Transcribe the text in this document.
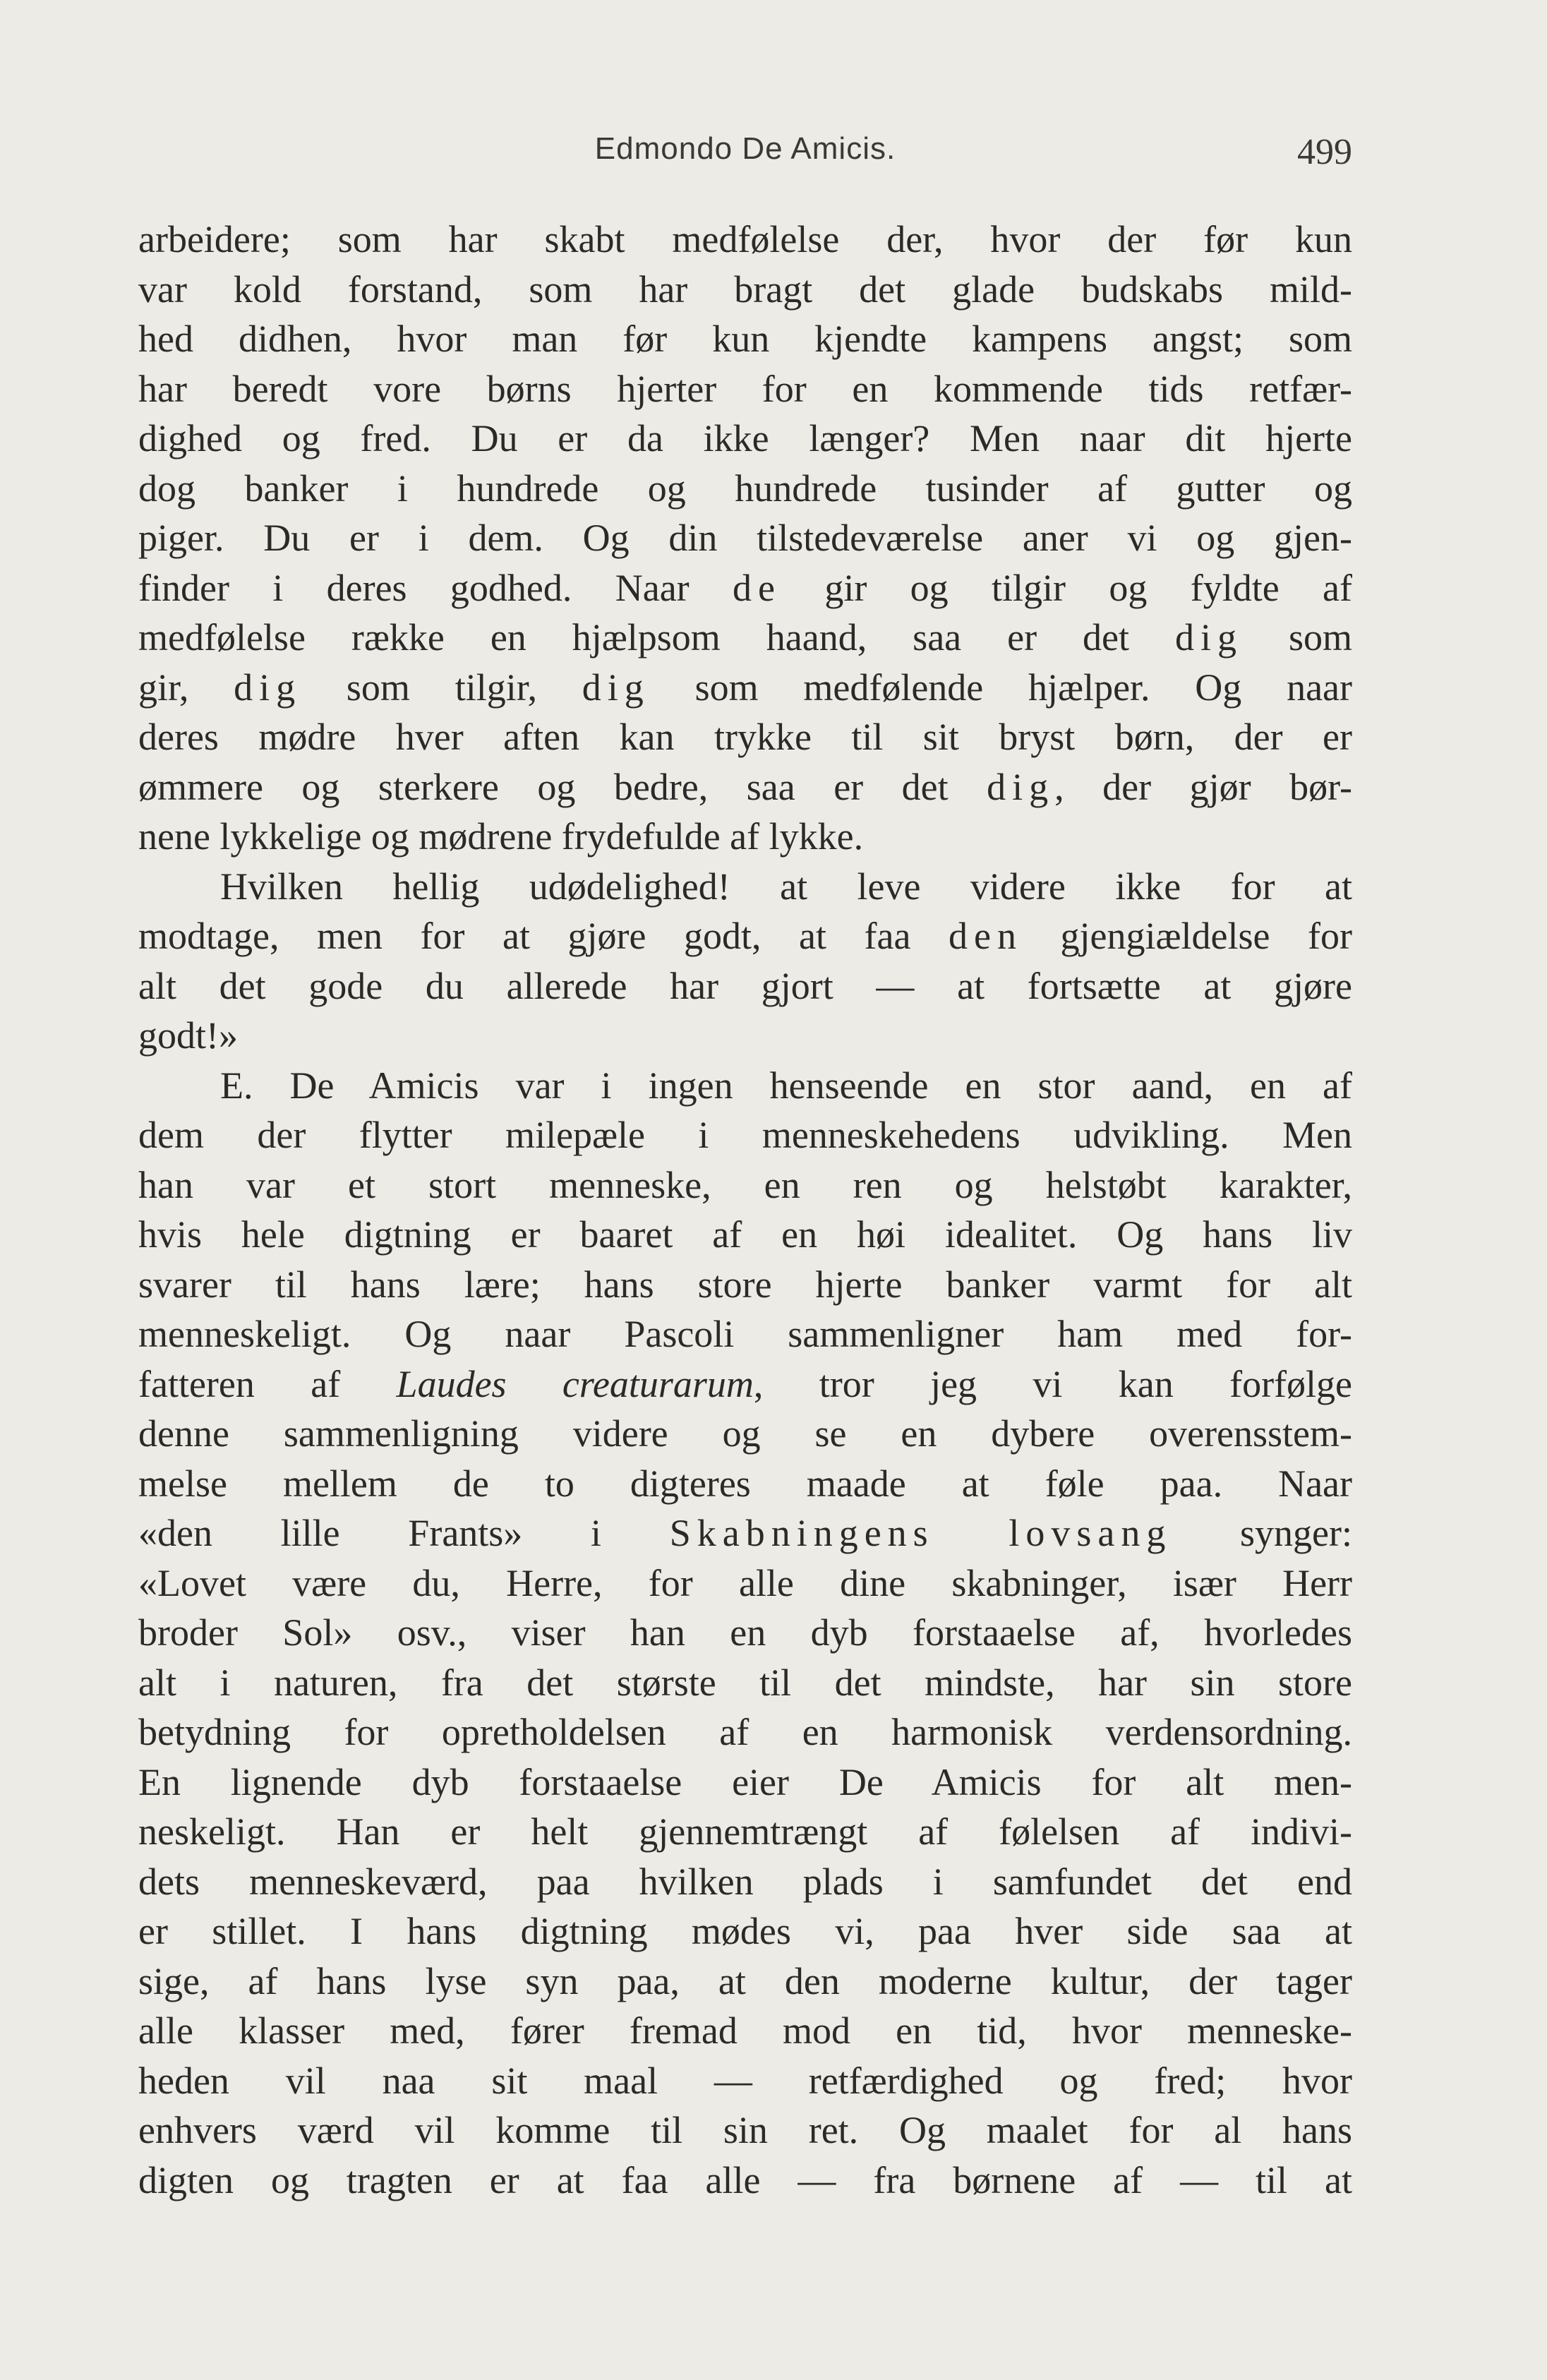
Edmondo De Amicis.	499
arbeidere; som har skabt medfølelse der, hvor der før kun
var kold forstand, som har bragt det glade budskabs mild-
hed didhen, hvor man før kun kjendte kampens angst; som
har beredt vore børns hjerter for en kommende tids retfær-
dighed og fred. Du er da ikke længer? Men naar dit hjerte
dog banker i hundrede og hundrede tusinder af gutter og
piger. Du er i dem. Og din tilstedeværelse aner vi og gjen-
finder i deres godhed. Naar de gir og tilgir og fyldte af
medfølelse række en hjælpsom haand, saa er det dig som
gir, dig som tilgir, dig som medfølende hjælper. Og naar
deres mødre hver aften kan trykke til sit bryst børn, der er
ømmere og sterkere og bedre, saa er det dig, der gjør bør-
nene lykkelige og mødrene frydefulde af lykke.
Hvilken hellig udødelighed! at leve videre ikke for at
modtage, men for at gjøre godt, at faa den gjengiældelse for
alt det gode du allerede har gjort — at fortsætte at gjøre
godt!»
E. De Amicis var i ingen henseende en stor aand, en af
dem der flytter milepæle i menneskehedens udvikling. Men
han var et stort menneske, en ren og helstøbt karakter,
hvis hele digtning er baaret af en høi idealitet. Og hans liv
svarer til hans lære; hans store hjerte banker varmt for alt
menneskeligt. Og naar Pascoli sammenligner ham med for-
fatteren af Laudes creaturarum, tror jeg vi kan forfølge
denne sammenligning videre og se en dybere overensstem-
melse mellem de to digteres maade at føle paa. Naar
«den lille Frants» i Skabningens lovsang synger:
«Lovet være du, Herre, for alle dine skabninger, især Herr
broder Sol» osv., viser han en dyb forstaaelse af, hvorledes
alt i naturen, fra det største til det mindste, har sin store
betydning for opretholdelsen af en harmonisk verdensordning.
En lignende dyb forstaaelse eier De Amicis for alt men-
neskeligt. Han er helt gjennemtrængt af følelsen af indivi-
dets menneskeværd, paa hvilken plads i samfundet det end
er stillet. I hans digtning mødes vi, paa hver side saa at
sige, af hans lyse syn paa, at den moderne kultur, der tager
alle klasser med, fører fremad mod en tid, hvor menneske-
heden vil naa sit maal — retfærdighed og fred; hvor
enhvers værd vil komme til sin ret. Og maalet for al hans
digten og tragten er at faa alle — fra børnene af — til at
